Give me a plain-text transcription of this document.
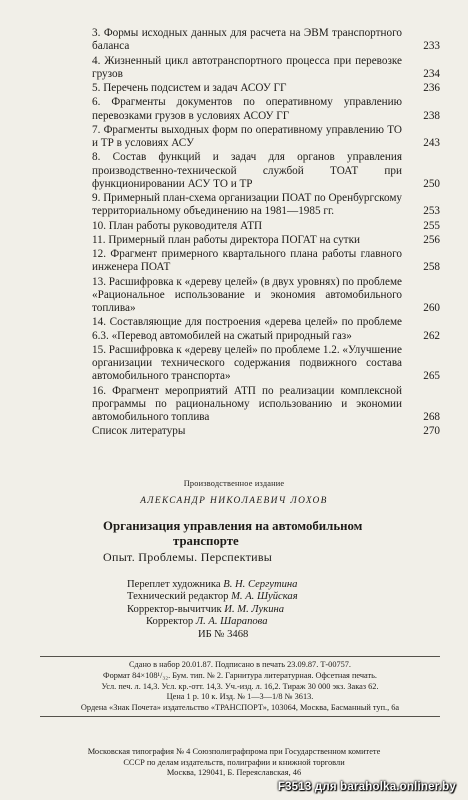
3. Формы исходных данных для расчета на ЭВМ транспортного баланса	233
4. Жизненный цикл автотранспортного процесса при перевозке грузов	234
5. Перечень подсистем и задач АСОУ ГГ	236
6. Фрагменты документов по оперативному управлению перевозками грузов в условиях АСОУ ГГ	238
7. Фрагменты выходных форм по оперативному управлению ТО и ТР в условиях АСУ	243
8. Состав функций и задач для органов управления производственно-технической службой ТОАТ при функционировании АСУ ТО и ТР	250
9. Примерный план-схема организации ПОАТ по Оренбургскому территориальному объединению на 1981—1985 гг.	253
10. План работы руководителя АТП	255
11. Примерный план работы директора ПОГАТ на сутки	256
12. Фрагмент примерного квартального плана работы главного инженера ПОАТ	258
13. Расшифровка к «дереву целей» (в двух уровнях) по проблеме «Рациональное использование и экономия автомобильного топлива»	260
14. Составляющие для построения «дерева целей» по проблеме 6.3. «Перевод автомобилей на сжатый природный газ»	262
15. Расшифровка к «дереву целей» по проблеме 1.2. «Улучшение организации технического содержания подвижного состава автомобильного транспорта»	265
16. Фрагмент мероприятий АТП по реализации комплексной программы по рациональному использованию и экономии автомобильного топлива	268
Список литературы	270
Производственное издание
АЛЕКСАНДР НИКОЛАЕВИЧ ЛОХОВ
Организация управления на автомобильном
транспорте
Опыт. Проблемы. Перспективы
Переплет художника В. Н. Сергутина
Технический редактор М. А. Шуйская
Корректор-вычитчик И. М. Лукина
Корректор Л. А. Шарапова
ИБ № 3468
Сдано в набор 20.01.87. Подписано в печать 23.09.87. Т-00757.
Формат 84×108¹/₃₂. Бум. тип. № 2. Гарнитура литературная. Офсетная печать.
Усл. печ. л. 14,3. Усл. кр.-отт. 14,3. Уч.-изд. л. 16,2. Тираж 30 000 экз. Заказ 62.
Цена 1 р. 10 к. Изд. № 1—3—1/8 № 3613.
Ордена «Знак Почета» издательство «ТРАНСПОРТ», 103064, Москва, Басманный туп., 6а
Московская типография № 4 Союзполиграфпрома при Государственном комитете
СССР по делам издательств, полиграфии и книжной торговли
Москва, 129041, Б. Переяславская, 46
F3513 для baraholka.onliner.by
